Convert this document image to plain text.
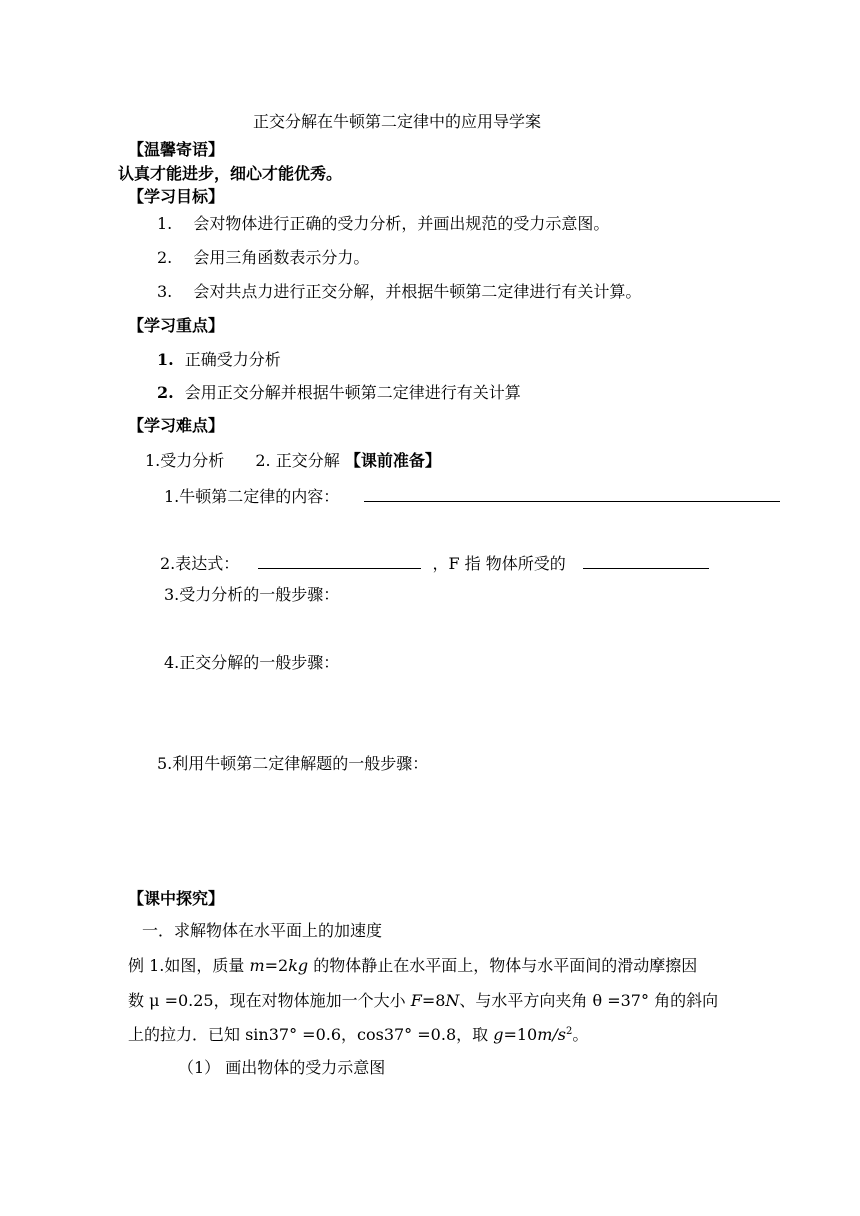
正交分解在牛顿第二定律中的应用导学案
【温馨寄语】
认真才能进步，细心才能优秀。
【学习目标】
1. 会对物体进行正确的受力分析，并画出规范的受力示意图。
2. 会用三角函数表示分力。
3. 会对共点力进行正交分解，并根据牛顿第二定律进行有关计算。
【学习重点】
1. 正确受力分析
2. 会用正交分解并根据牛顿第二定律进行有关计算
【学习难点】
1.受力分析 2. 正交分解 【课前准备】
1.牛顿第二定律的内容：
2.表达式：	，F 指 物体所受的
3.受力分析的一般步骤：
4.正交分解的一般步骤：
5.利用牛顿第二定律解题的一般步骤：
【课中探究】
一．求解物体在水平面上的加速度
例 1.如图，质量 m=2kg 的物体静止在水平面上，物体与水平面间的滑动摩擦因
数 μ =0.25，现在对物体施加一个大小 F=8N、与水平方向夹角 θ =37° 角的斜向
上的拉力．已知 sin37° =0.6，cos37° =0.8，取 $g=10m/s^2$。
（1） 画出物体的受力示意图
